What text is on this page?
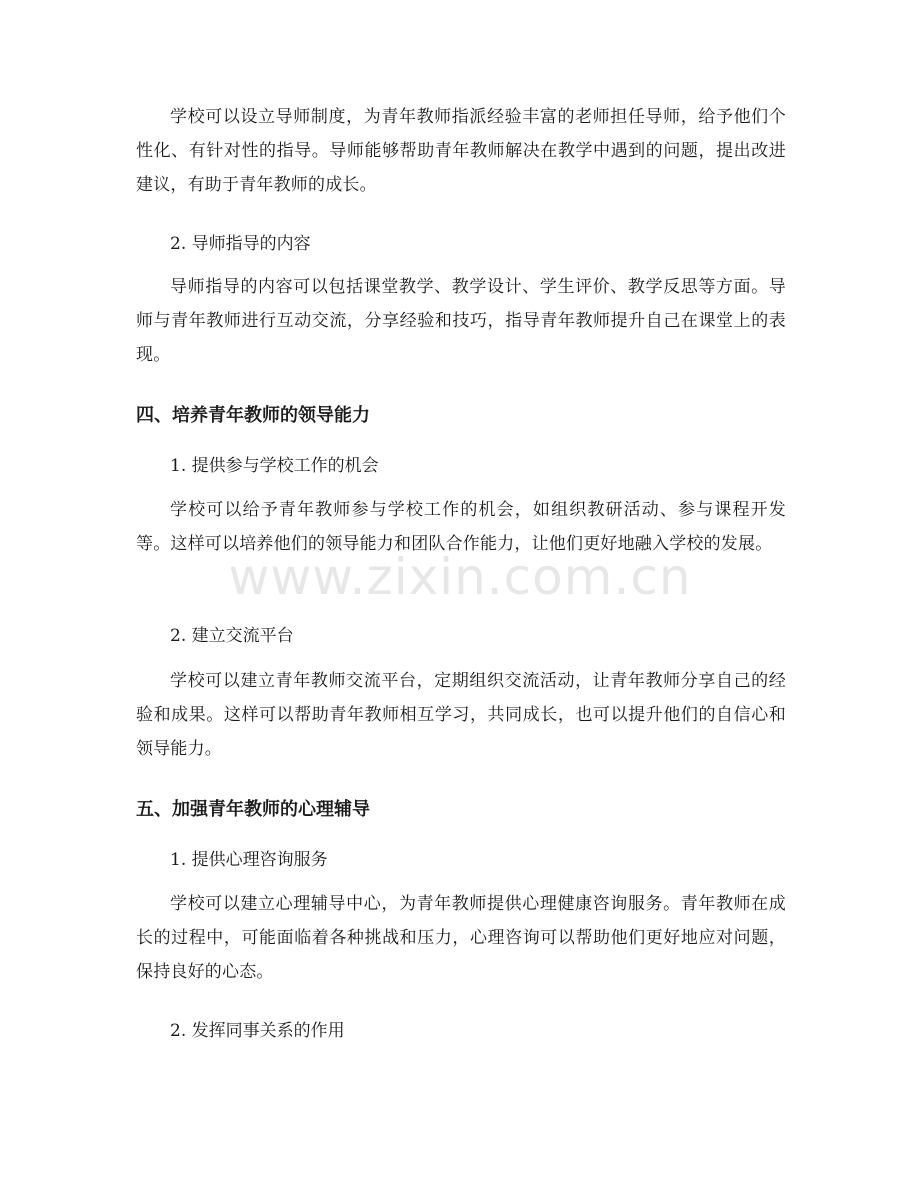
学校可以设立导师制度，为青年教师指派经验丰富的老师担任导师，给予他们个性化、有针对性的指导。导师能够帮助青年教师解决在教学中遇到的问题，提出改进建议，有助于青年教师的成长。

2. 导师指导的内容

导师指导的内容可以包括课堂教学、教学设计、学生评价、教学反思等方面。导师与青年教师进行互动交流，分享经验和技巧，指导青年教师提升自己在课堂上的表现。

四、培养青年教师的领导能力

1. 提供参与学校工作的机会

学校可以给予青年教师参与学校工作的机会，如组织教研活动、参与课程开发等。这样可以培养他们的领导能力和团队合作能力，让他们更好地融入学校的发展。

2. 建立交流平台

学校可以建立青年教师交流平台，定期组织交流活动，让青年教师分享自己的经验和成果。这样可以帮助青年教师相互学习，共同成长，也可以提升他们的自信心和领导能力。

五、加强青年教师的心理辅导

1. 提供心理咨询服务

学校可以建立心理辅导中心，为青年教师提供心理健康咨询服务。青年教师在成长的过程中，可能面临着各种挑战和压力，心理咨询可以帮助他们更好地应对问题，保持良好的心态。

2. 发挥同事关系的作用

www.zixin.com.cn
